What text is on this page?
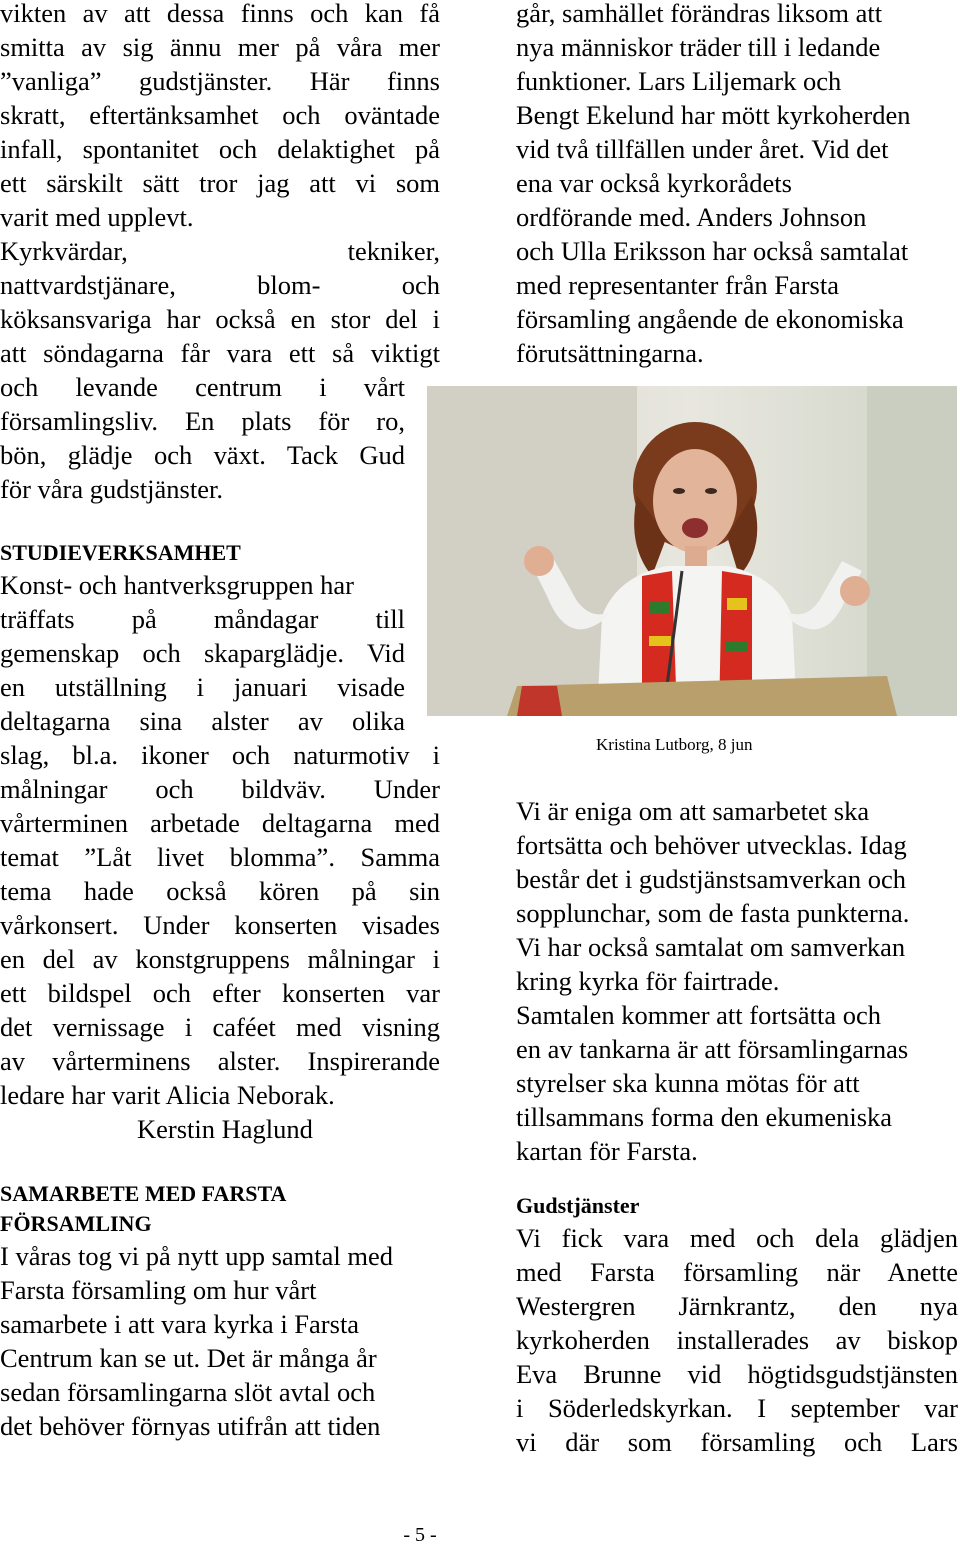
vikten av att dessa finns och kan få
smitta av sig ännu mer på våra mer
”vanliga” gudstjänster. Här finns
skratt, eftertänksamhet och oväntade
infall, spontanitet och delaktighet på
ett särskilt sätt tror jag att vi som
varit med upplevt.
Kyrkvärdar, tekniker,
nattvardstjänare, blom- och
köksansvariga har också en stor del i
att söndagarna får vara ett så viktigt
och levande centrum i vårt
församlingsliv. En plats för ro,
bön, glädje och växt. Tack Gud
för våra gudstjänster.
STUDIEVERKSAMHET
Konst- och hantverksgruppen har
träffats på måndagar till
gemenskap och skaparglädje. Vid
en utställning i januari visade
deltagarna sina alster av olika
slag, bl.a. ikoner och naturmotiv i
målningar och bildväv. Under
vårterminen arbetade deltagarna med
temat ”Låt livet blomma”. Samma
tema hade också kören på sin
vårkonsert. Under konserten visades
en del av konstgruppens målningar i
ett bildspel och efter konserten var
det vernissage i caféet med visning
av vårterminens alster. Inspirerande
ledare har varit Alicia Neborak.
Kerstin Haglund
SAMARBETE MED FARSTA
FÖRSAMLING
I våras tog vi på nytt upp samtal med
Farsta församling om hur vårt
samarbete i att vara kyrka i Farsta
Centrum kan se ut. Det är många år
sedan församlingarna slöt avtal och
det behöver förnyas utifrån att tiden
går, samhället förändras liksom att
nya människor träder till i ledande
funktioner. Lars Liljemark och
Bengt Ekelund har mött kyrkoherden
vid två tillfällen under året. Vid det
ena var också kyrkorådets
ordförande med. Anders Johnson
och Ulla Eriksson har också samtalat
med representanter från Farsta
församling angående de ekonomiska
förutsättningarna.
Vi är eniga om att samarbetet ska
fortsätta och behöver utvecklas. Idag
består det i gudstjänstsamverkan och
sopplunchar, som de fasta punkterna.
Vi har också samtalat om samverkan
kring kyrka för fairtrade.
Samtalen kommer att fortsätta och
en av tankarna är att församlingarnas
styrelser ska kunna mötas för att
tillsammans forma den ekumeniska
kartan för Farsta.
Gudstjänster
Vi fick vara med och dela glädjen
med Farsta församling när Anette
Westergren Järnkrantz, den nya
kyrkoherden installerades av biskop
Eva Brunne vid högtidsgudstjänsten
i Söderledskyrkan. I september var
vi där som församling och Lars
Kristina Lutborg, 8 jun
- 5 -
